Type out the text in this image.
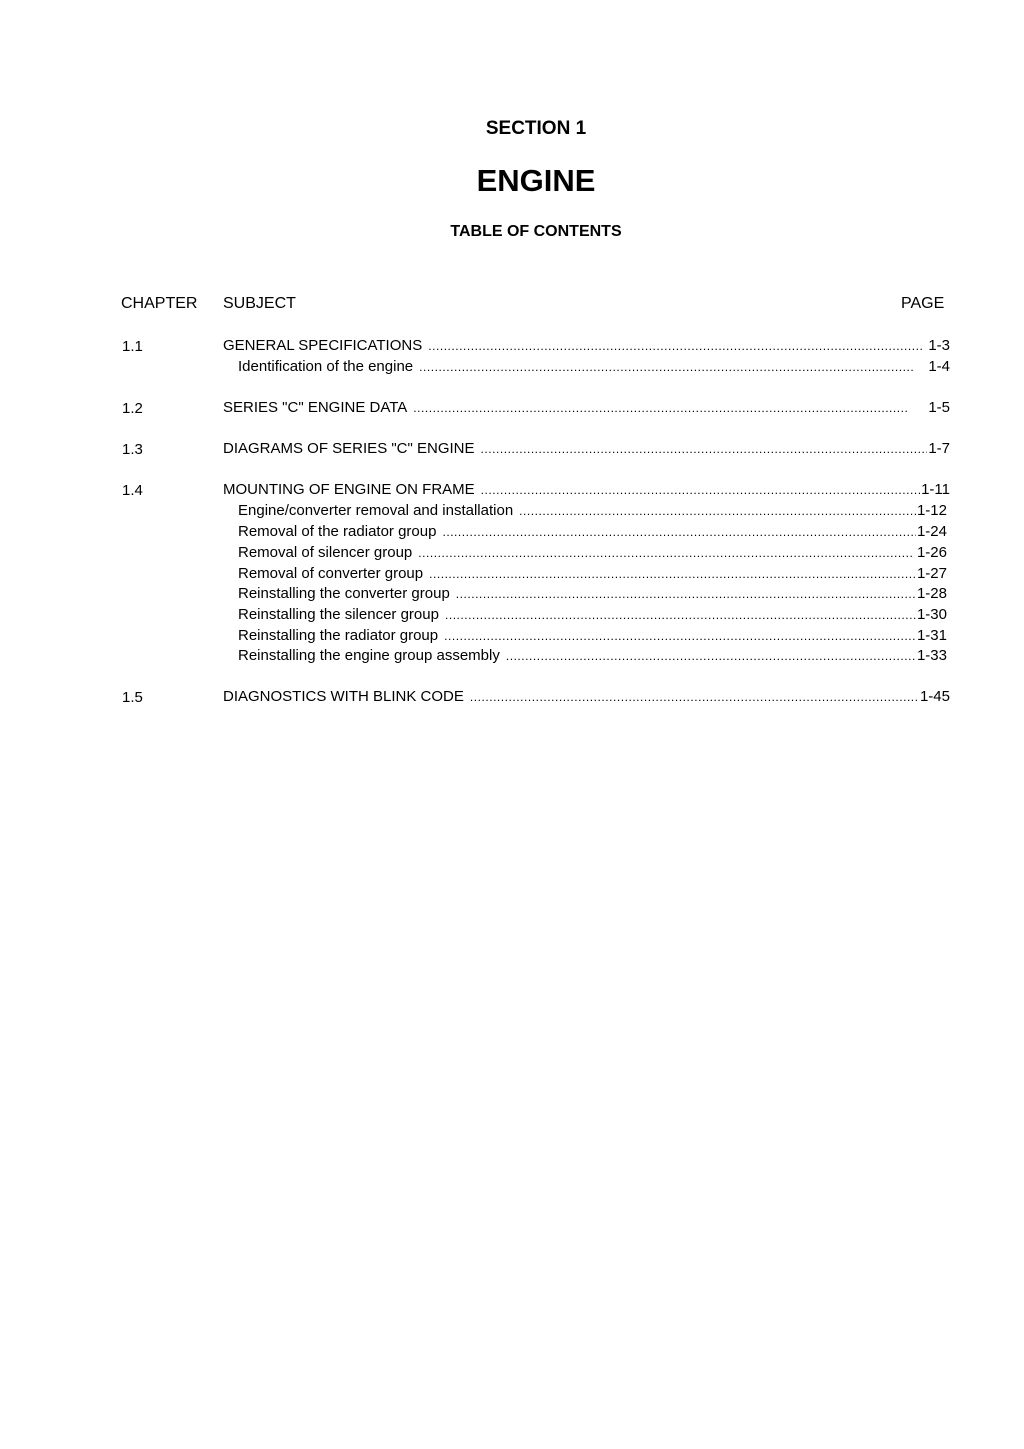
SECTION 1
ENGINE
TABLE OF CONTENTS
CHAPTER SUBJECT	PAGE
1.1	GENERAL SPECIFICATIONS . . .	1-3
Identification of the engine . . .	1-4
1.2	SERIES "C" ENGINE DATA . . .	1-5
1.3	DIAGRAMS OF SERIES "C" ENGINE . . .	1-7
1.4	MOUNTING OF ENGINE ON FRAME . . .	1-11
Engine/converter removal and installation . . .	1-12
Removal of the radiator group . . .	1-24
Removal of silencer group . . .	1-26
Removal of converter group . . .	1-27
Reinstalling the converter group . . .	1-28
Reinstalling the silencer group . . .	1-30
Reinstalling the radiator group . . .	1-31
Reinstalling the engine group assembly . . .	1-33
1.5	DIAGNOSTICS WITH BLINK CODE . . .	1-45
